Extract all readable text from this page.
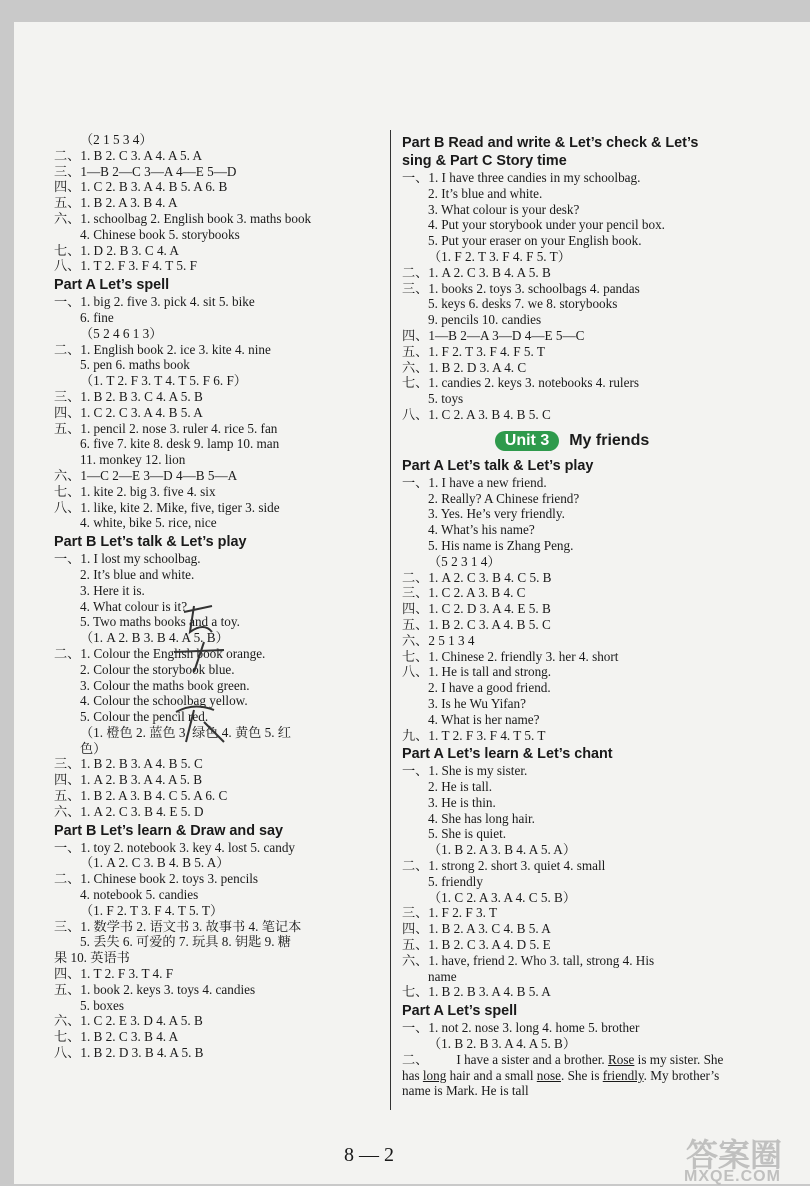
（2 1 5 3 4）
二、1. B 2. C 3. A 4. A 5. A
三、1—B 2—C 3—A 4—E 5—D
四、1. C 2. B 3. A 4. B 5. A 6. B
五、1. B 2. A 3. B 4. A
六、1. schoolbag 2. English book 3. maths book
4. Chinese book 5. storybooks
七、1. D 2. B 3. C 4. A
八、1. T 2. F 3. F 4. T 5. F
Part A Let’s spell
一、1. big 2. five 3. pick 4. sit 5. bike
6. fine
（5 2 4 6 1 3）
二、1. English book 2. ice 3. kite 4. nine
5. pen 6. maths book
（1. T 2. F 3. T 4. T 5. F 6. F）
三、1. B 2. B 3. C 4. A 5. B
四、1. C 2. C 3. A 4. B 5. A
五、1. pencil 2. nose 3. ruler 4. rice 5. fan
6. five 7. kite 8. desk 9. lamp 10. man
11. monkey 12. lion
六、1—C 2—E 3—D 4—B 5—A
七、1. kite 2. big 3. five 4. six
八、1. like, kite 2. Mike, five, tiger 3. side
4. white, bike 5. rice, nice
Part B Let’s talk & Let’s play
一、1. I lost my schoolbag.
2. It’s blue and white.
3. Here it is.
4. What colour is it?
5. Two maths books and a toy.
（1. A 2. B 3. B 4. A 5. B）
二、1. Colour the English book orange.
2. Colour the storybook blue.
3. Colour the maths book green.
4. Colour the schoolbag yellow.
5. Colour the pencil red.
（1. 橙色 2. 蓝色 3. 绿色 4. 黄色 5. 红
色）
三、1. B 2. B 3. A 4. B 5. C
四、1. A 2. B 3. A 4. A 5. B
五、1. B 2. A 3. B 4. C 5. A 6. C
六、1. A 2. C 3. B 4. E 5. D
Part B Let’s learn & Draw and say
一、1. toy 2. notebook 3. key 4. lost 5. candy
（1. A 2. C 3. B 4. B 5. A）
二、1. Chinese book 2. toys 3. pencils
4. notebook 5. candies
（1. F 2. T 3. F 4. T 5. T）
三、1. 数学书 2. 语文书 3. 故事书 4. 笔记本
5. 丢失 6. 可爱的 7. 玩具 8. 钥匙 9. 糖
果 10. 英语书
四、1. T 2. F 3. T 4. F
五、1. book 2. keys 3. toys 4. candies
5. boxes
六、1. C 2. E 3. D 4. A 5. B
七、1. B 2. C 3. B 4. A
八、1. B 2. D 3. B 4. A 5. B
Part B Read and write & Let’s check & Let’s
sing & Part C Story time
一、1. I have three candies in my schoolbag.
2. It’s blue and white.
3. What colour is your desk?
4. Put your storybook under your pencil box.
5. Put your eraser on your English book.
（1. F 2. T 3. F 4. F 5. T）
二、1. A 2. C 3. B 4. A 5. B
三、1. books 2. toys 3. schoolbags 4. pandas
5. keys 6. desks 7. we 8. storybooks
9. pencils 10. candies
四、1—B 2—A 3—D 4—E 5—C
五、1. F 2. T 3. F 4. F 5. T
六、1. B 2. D 3. A 4. C
七、1. candies 2. keys 3. notebooks 4. rulers
5. toys
八、1. C 2. A 3. B 4. B 5. C
Unit 3	My friends
Part A Let’s talk & Let’s play
一、1. I have a new friend.
2. Really? A Chinese friend?
3. Yes. He’s very friendly.
4. What’s his name?
5. His name is Zhang Peng.
（5 2 3 1 4）
二、1. A 2. C 3. B 4. C 5. B
三、1. C 2. A 3. B 4. C
四、1. C 2. D 3. A 4. E 5. B
五、1. B 2. C 3. A 4. B 5. C
六、2 5 1 3 4
七、1. Chinese 2. friendly 3. her 4. short
八、1. He is tall and strong.
2. I have a good friend.
3. Is he Wu Yifan?
4. What is her name?
九、1. T 2. F 3. F 4. T 5. T
Part A Let’s learn & Let’s chant
一、1. She is my sister.
2. He is tall.
3. He is thin.
4. She has long hair.
5. She is quiet.
（1. B 2. A 3. B 4. A 5. A）
二、1. strong 2. short 3. quiet 4. small
5. friendly
（1. C 2. A 3. A 4. C 5. B）
三、1. F 2. F 3. T
四、1. B 2. A 3. C 4. B 5. A
五、1. B 2. C 3. A 4. D 5. E
六、1. have, friend 2. Who 3. tall, strong 4. His
name
七、1. B 2. B 3. A 4. B 5. A
Part A Let’s spell
一、1. not 2. nose 3. long 4. home 5. brother
（1. B 2. B 3. A 4. A 5. B）
二、 I have a sister and a brother. Rose is my sister. She has long hair and a small nose. She is friendly. My brother’s name is Mark. He is tall
8 — 2	答案圈
MXQE.COM
